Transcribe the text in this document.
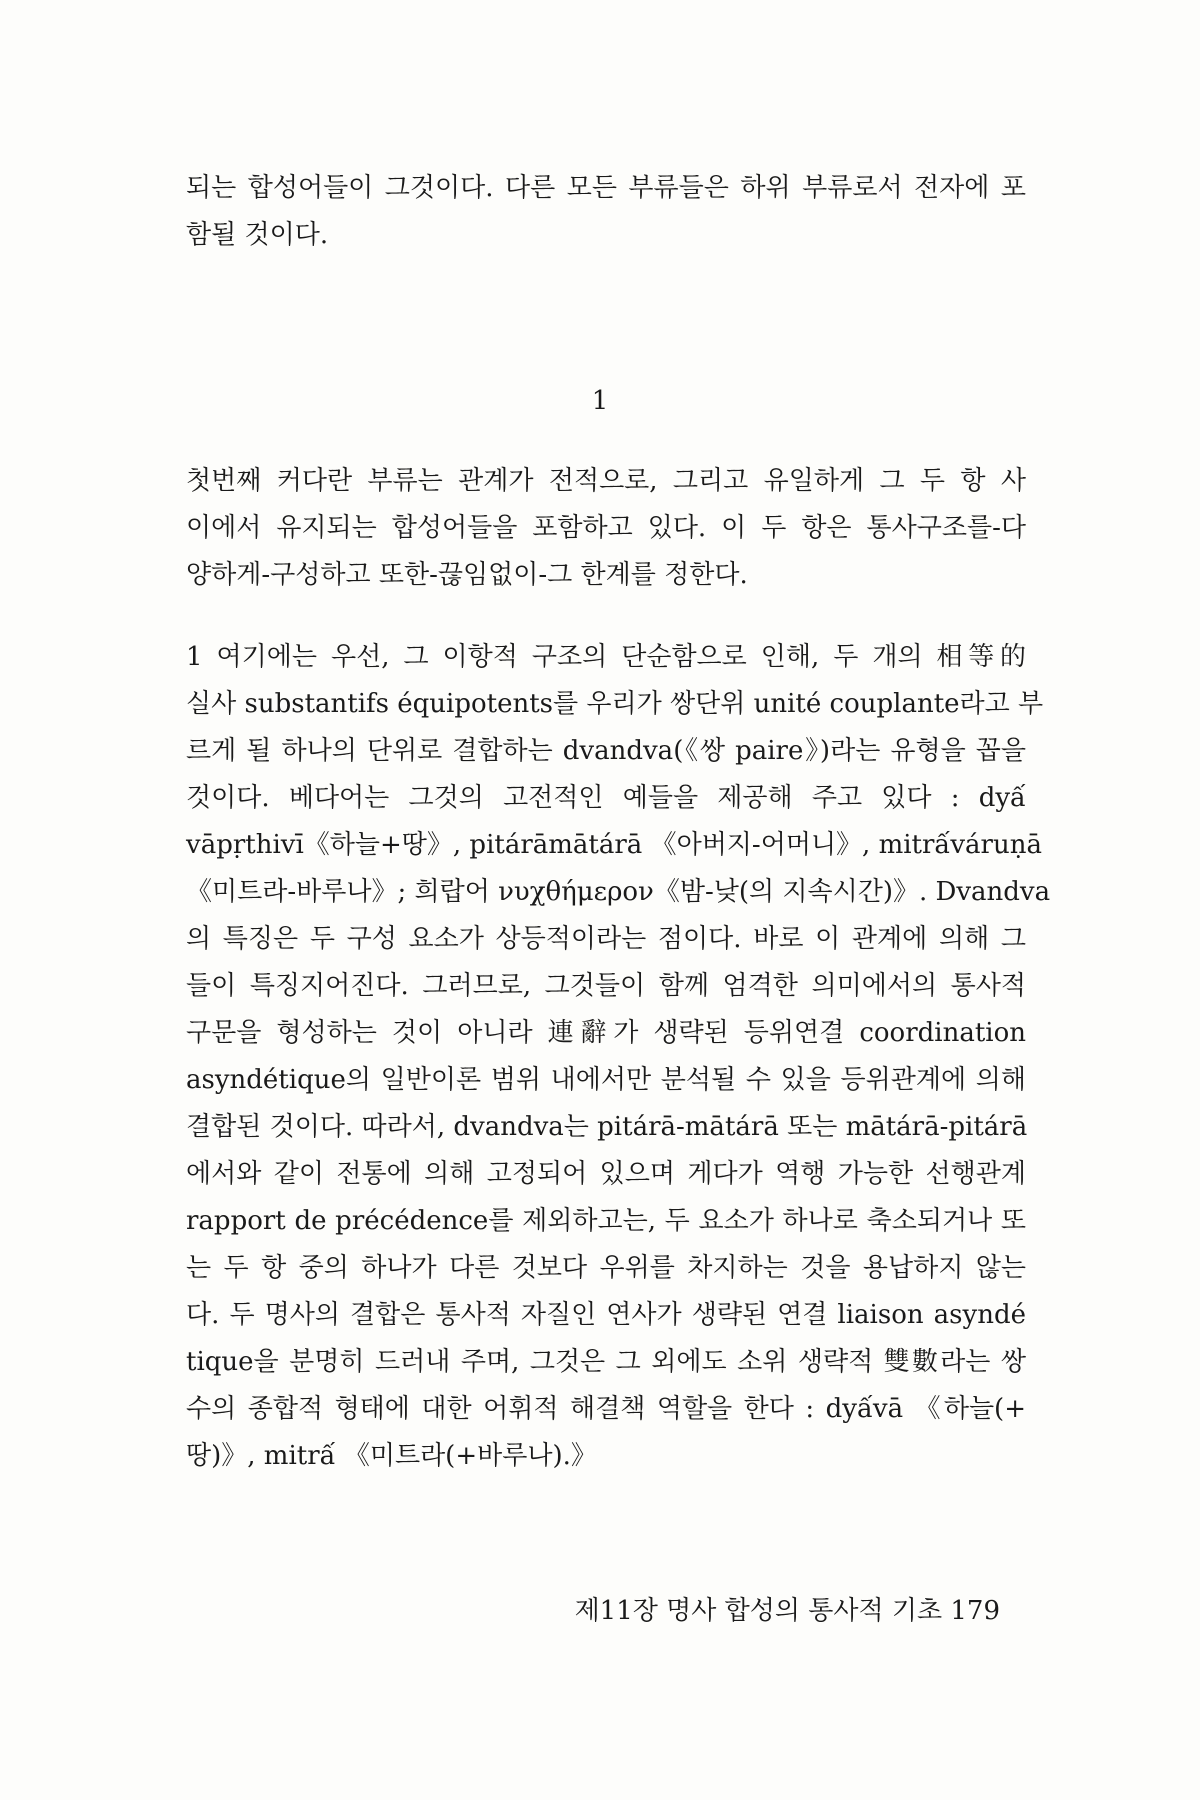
되는 합성어들이 그것이다. 다른 모든 부류들은 하위 부류로서 전자에 포
함될 것이다.
1
첫번째 커다란 부류는 관계가 전적으로, 그리고 유일하게 그 두 항 사
이에서 유지되는 합성어들을 포함하고 있다. 이 두 항은 통사구조를-다
양하게-구성하고 또한-끊임없이-그 한계를 정한다.
1 여기에는 우선, 그 이항적 구조의 단순함으로 인해, 두 개의 相等的
실사 substantifs équipotents를 우리가 쌍단위 unité couplante라고 부
르게 될 하나의 단위로 결합하는 dvandva(《쌍 paire》)라는 유형을 꼽을
것이다. 베다어는 그것의 고전적인 예들을 제공해 주고 있다 : dyấ
vāpṛthivī《하늘+땅》, pitárāmātárā 《아버지-어머니》, mitrấváruṇā
《미트라-바루나》; 희랍어 νυχθήμερον《밤-낮(의 지속시간)》. Dvandva
의 특징은 두 구성 요소가 상등적이라는 점이다. 바로 이 관계에 의해 그
들이 특징지어진다. 그러므로, 그것들이 함께 엄격한 의미에서의 통사적
구문을 형성하는 것이 아니라 連辭가 생략된 등위연결 coordination
asyndétique의 일반이론 범위 내에서만 분석될 수 있을 등위관계에 의해
결합된 것이다. 따라서, dvandva는 pitárā-mātárā 또는 mātárā-pitárā
에서와 같이 전통에 의해 고정되어 있으며 게다가 역행 가능한 선행관계
rapport de précédence를 제외하고는, 두 요소가 하나로 축소되거나 또
는 두 항 중의 하나가 다른 것보다 우위를 차지하는 것을 용납하지 않는
다. 두 명사의 결합은 통사적 자질인 연사가 생략된 연결 liaison asyndé
tique을 분명히 드러내 주며, 그것은 그 외에도 소위 생략적 雙數라는 쌍
수의 종합적 형태에 대한 어휘적 해결책 역할을 한다 : dyấvā 《하늘(+
땅)》, mitrấ 《미트라(+바루나).》
제11장 명사 합성의 통사적 기초 179
